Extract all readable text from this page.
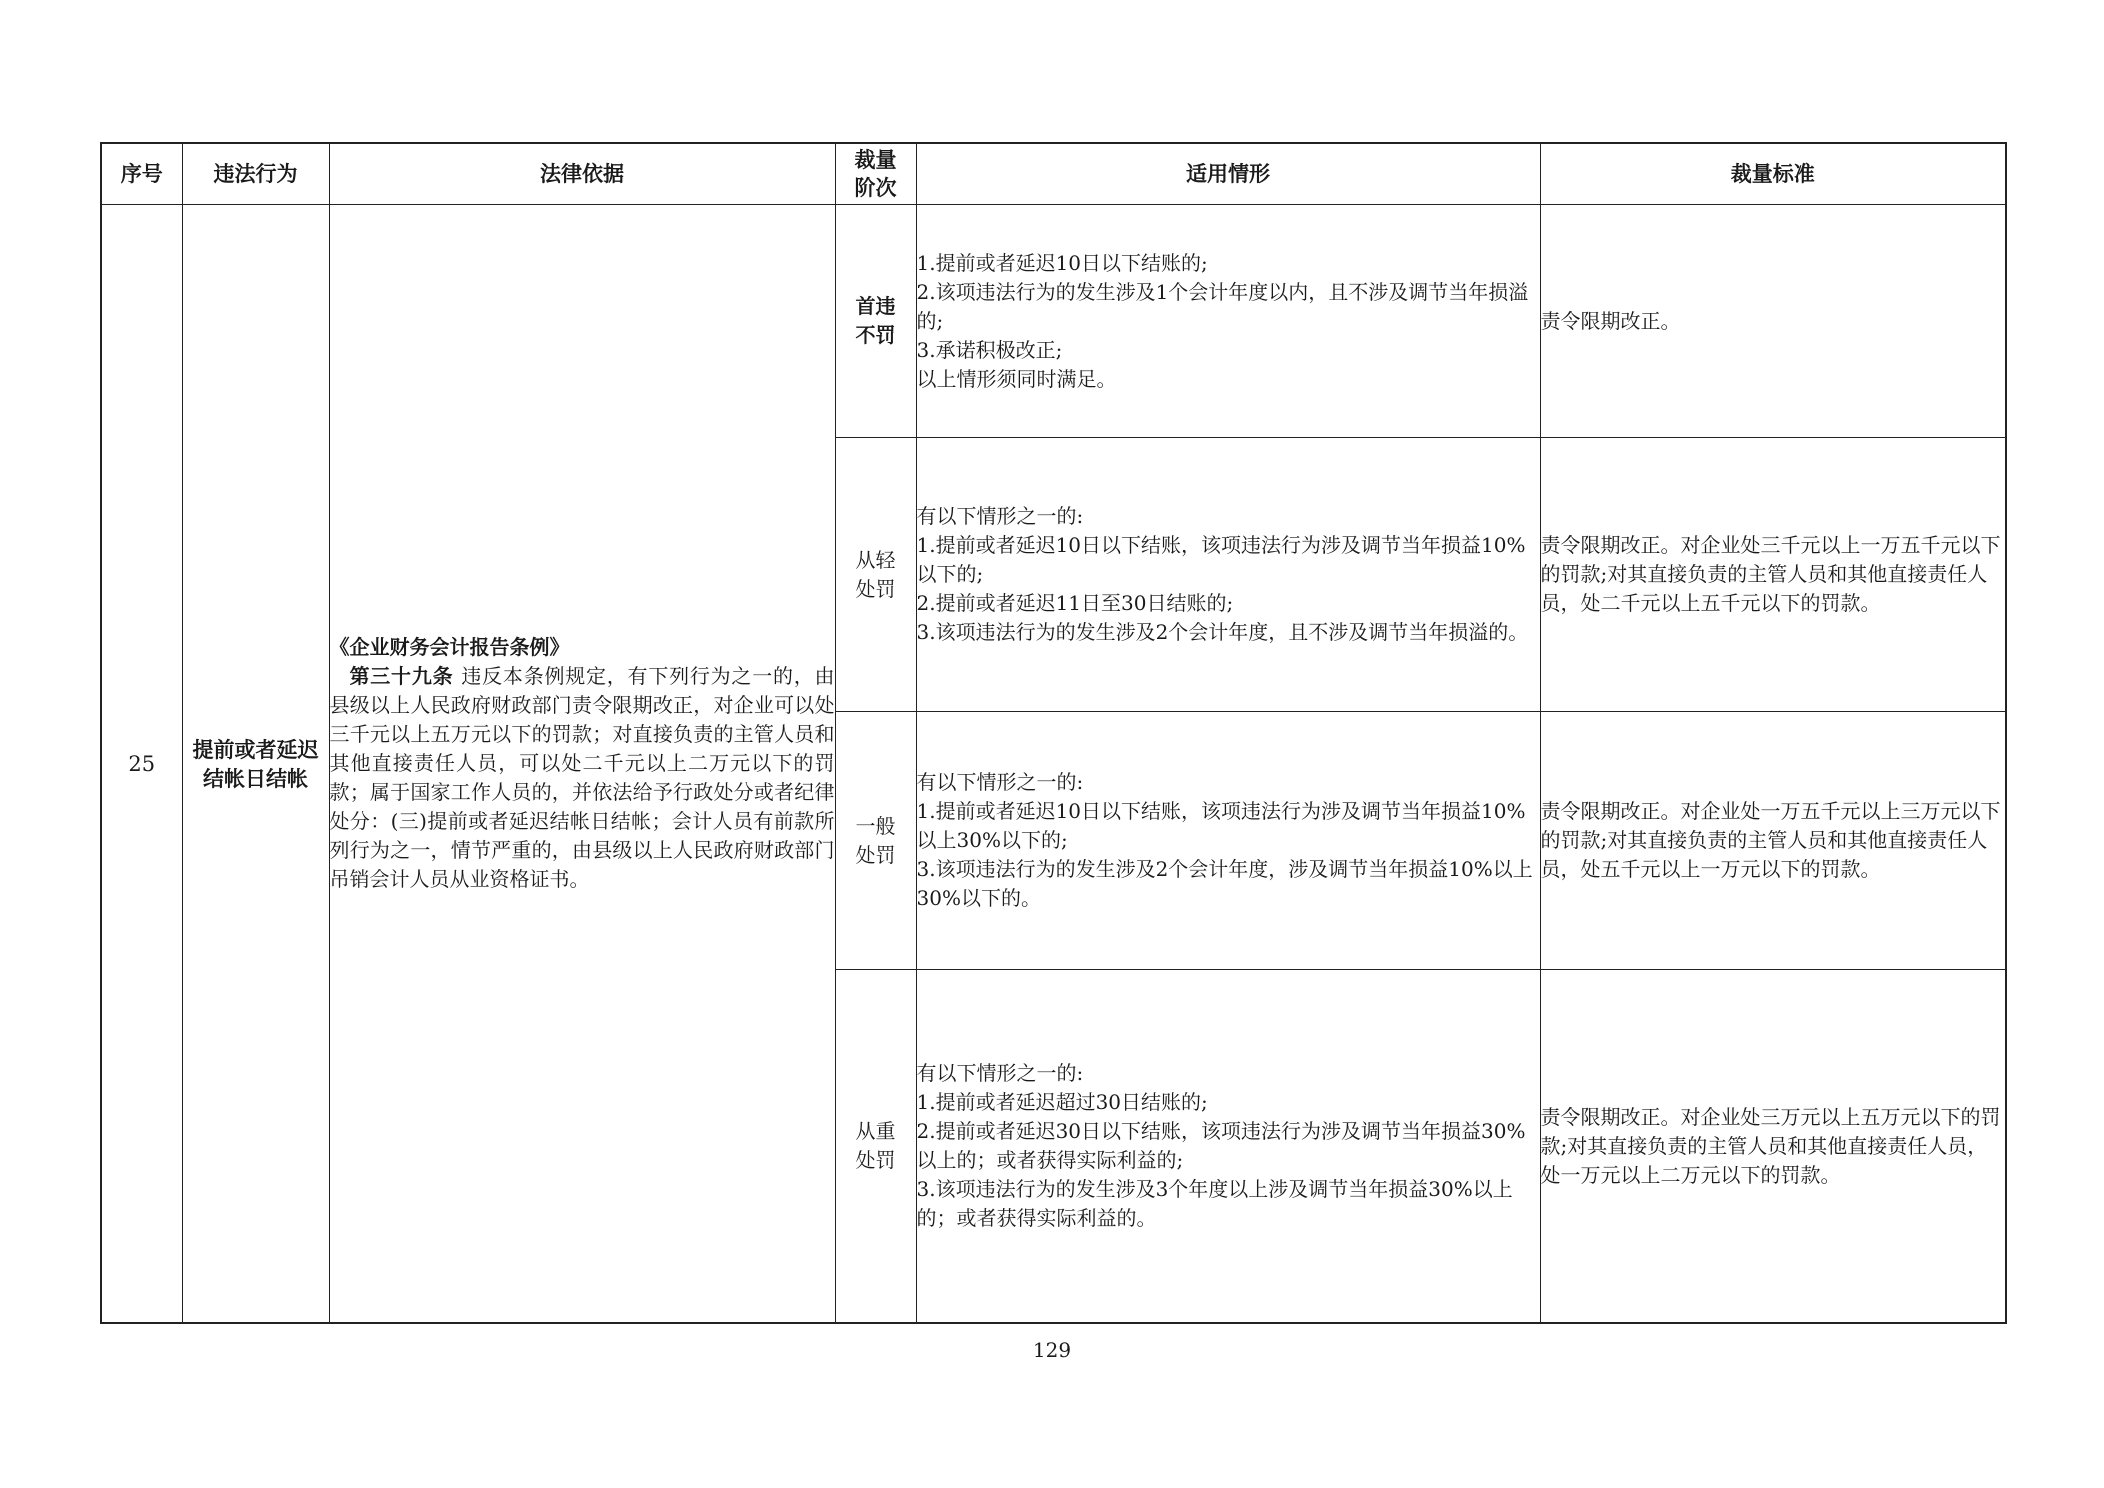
序号	违法行为	法律依据	裁量阶次	适用情形	裁量标准
25	提前或者延迟结帐日结帐	《企业财务会计报告条例》
第三十九条 违反本条例规定，有下列行为之一的，由县级以上人民政府财政部门责令限期改正，对企业可以处三千元以上五万元以下的罚款；对直接负责的主管人员和其他直接责任人员，可以处二千元以上二万元以下的罚款；属于国家工作人员的，并依法给予行政处分或者纪律处分：(三)提前或者延迟结帐日结帐；会计人员有前款所列行为之一，情节严重的，由县级以上人民政府财政部门吊销会计人员从业资格证书。	首违不罚	1.提前或者延迟10日以下结账的;
2.该项违法行为的发生涉及1个会计年度以内，且不涉及调节当年损溢的;
3.承诺积极改正;
以上情形须同时满足。	责令限期改正。
			从轻处罚	有以下情形之一的:
1.提前或者延迟10日以下结账，该项违法行为涉及调节当年损益10%以下的;
2.提前或者延迟11日至30日结账的;
3.该项违法行为的发生涉及2个会计年度，且不涉及调节当年损溢的。	责令限期改正。对企业处三千元以上一万五千元以下的罚款;对其直接负责的主管人员和其他直接责任人员，处二千元以上五千元以下的罚款。
			一般处罚	有以下情形之一的:
1.提前或者延迟10日以下结账，该项违法行为涉及调节当年损益10%以上30%以下的;
3.该项违法行为的发生涉及2个会计年度，涉及调节当年损益10%以上30%以下的。	责令限期改正。对企业处一万五千元以上三万元以下的罚款;对其直接负责的主管人员和其他直接责任人员，处五千元以上一万元以下的罚款。
			从重处罚	有以下情形之一的:
1.提前或者延迟超过30日结账的;
2.提前或者延迟30日以下结账，该项违法行为涉及调节当年损益30%以上的；或者获得实际利益的;
3.该项违法行为的发生涉及3个年度以上涉及调节当年损益30%以上的；或者获得实际利益的。	责令限期改正。对企业处三万元以上五万元以下的罚款;对其直接负责的主管人员和其他直接责任人员，处一万元以上二万元以下的罚款。
129
